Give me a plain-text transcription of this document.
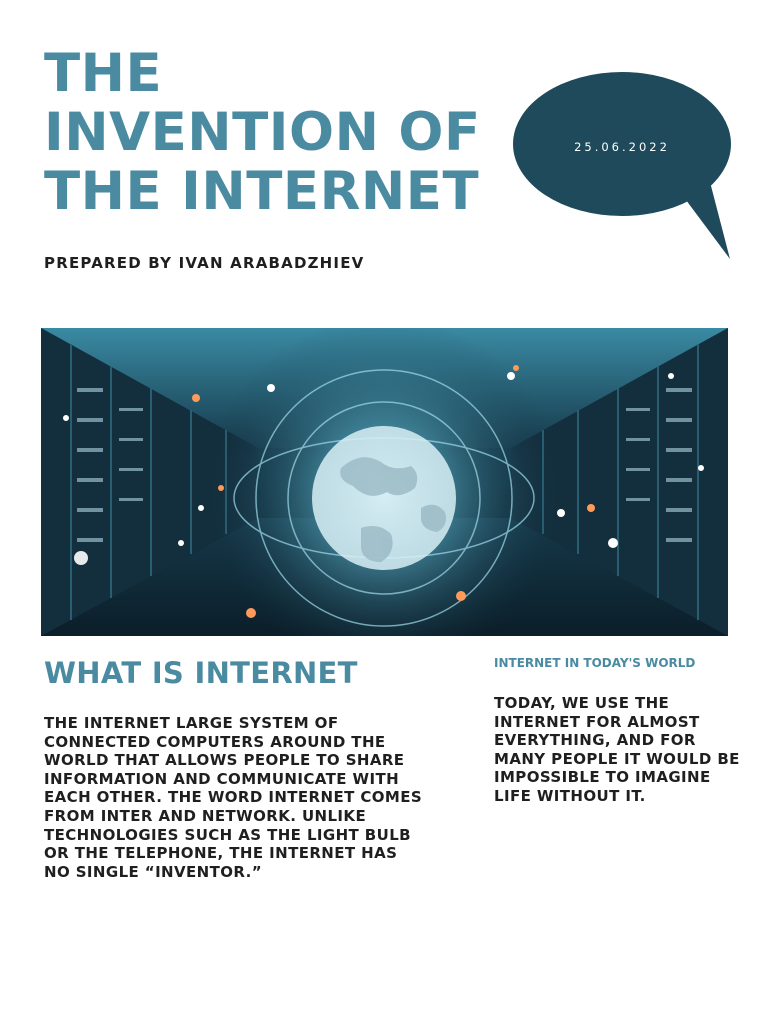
THE INVENTION OF THE INTERNET
25.06.2022
PREPARED BY IVAN ARABADZHIEV
WHAT IS INTERNET

THE INTERNET LARGE SYSTEM OF CONNECTED COMPUTERS AROUND THE WORLD THAT ALLOWS PEOPLE TO SHARE INFORMATION AND COMMUNICATE WITH EACH OTHER. THE WORD INTERNET COMES FROM INTER AND NETWORK. UNLIKE TECHNOLOGIES SUCH AS THE LIGHT BULB OR THE TELEPHONE, THE INTERNET HAS NO SINGLE “INVENTOR.”

INTERNET IN TODAY'S WORLD

TODAY, WE USE THE INTERNET FOR ALMOST EVERYTHING, AND FOR MANY PEOPLE IT WOULD BE IMPOSSIBLE TO IMAGINE LIFE WITHOUT IT.
